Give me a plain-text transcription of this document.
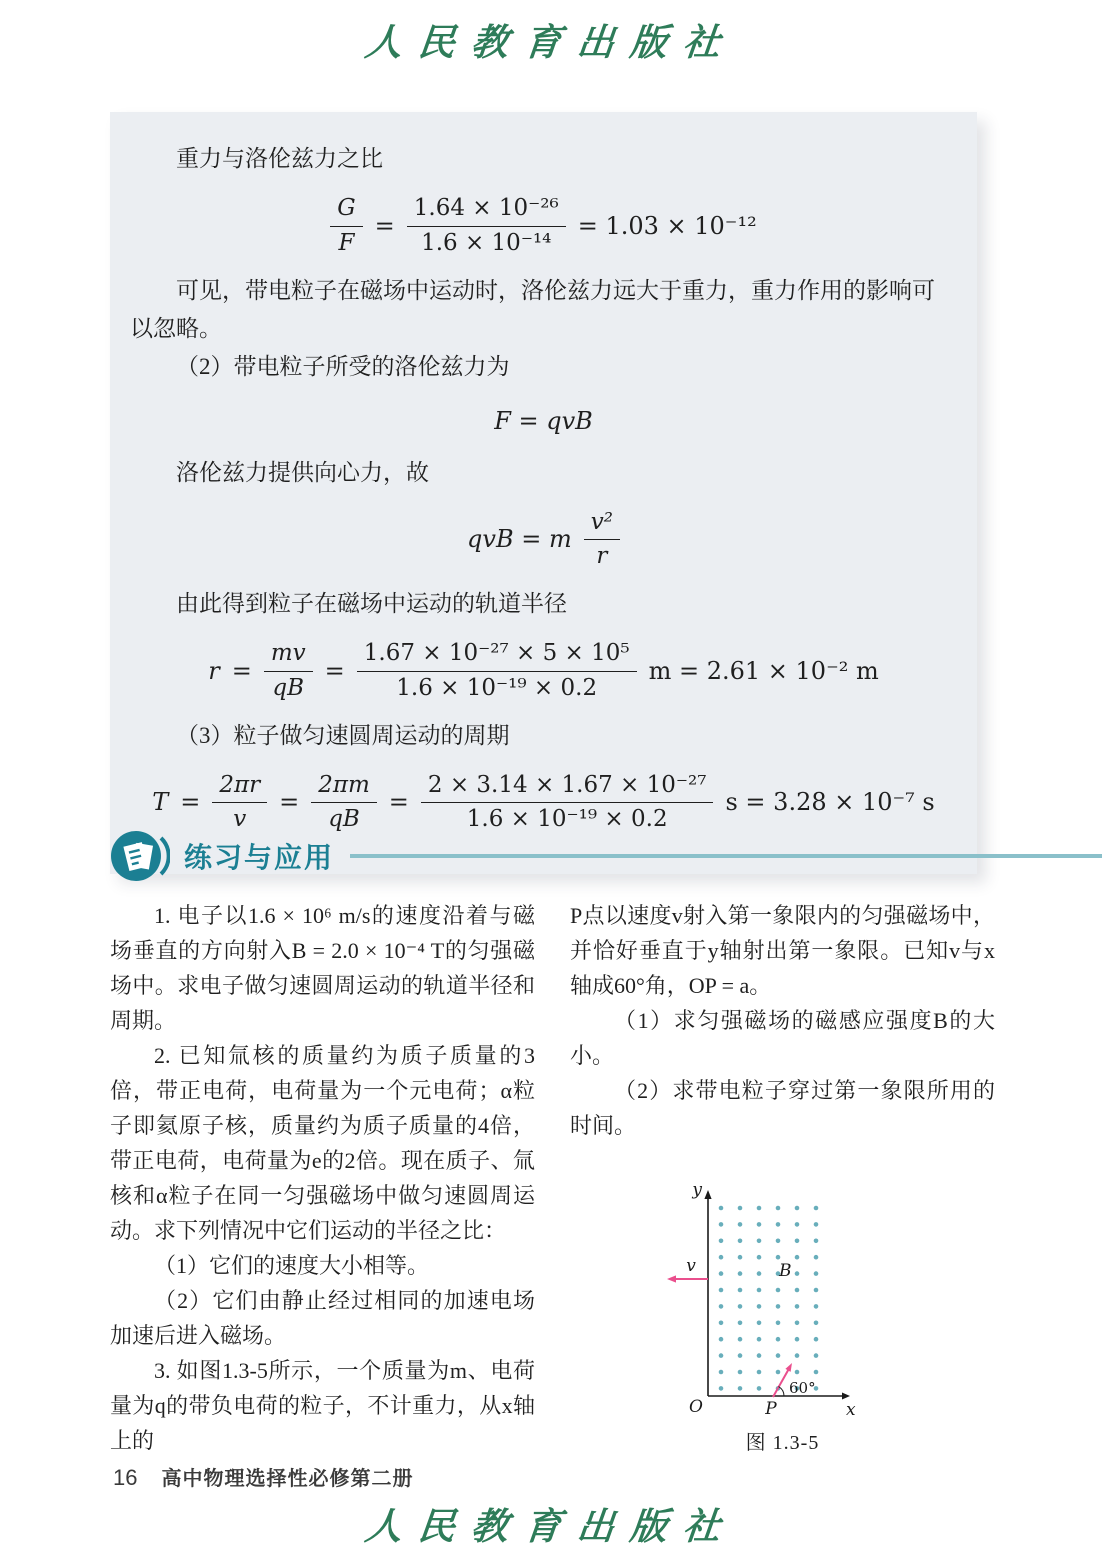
人民教育出版社

重力与洛伦兹力之比

$\frac{G}{F} = \frac{\text{1.64 × 10⁻²⁶}}{\text{1.6 × 10⁻¹⁴}} = 1.03 \times 10^{-12}$

可见，带电粒子在磁场中运动时，洛伦兹力远大于重力，重力作用的影响可以忽略。

（2）带电粒子所受的洛伦兹力为

F = qvB

洛伦兹力提供向心力，故

qvB = m $\frac{\text{v²}}{r}$

由此得到粒子在磁场中运动的轨道半径

$r = \frac{mv}{qB} = \frac{\text{1.67 × 10⁻²⁷ × 5 × 10⁵}}{\text{1.6 × 10⁻¹⁹ × 0.2}}$ m = 2.61 × 10⁻² m

（3）粒子做匀速圆周运动的周期

$T = \frac{2\pi r}{v} = \frac{2\pi m}{qB} = \frac{\text{2 × 3.14 × 1.67 × 10⁻²⁷}}{\text{1.6 × 10⁻¹⁹ × 0.2}}$ s = 3.28 × 10⁻⁷ s
练习与应用

1. 电子以1.6 × 10⁶ m/s的速度沿着与磁场垂直的方向射入B = 2.0 × 10⁻⁴ T的匀强磁场中。求电子做匀速圆周运动的轨道半径和周期。

2. 已知氚核的质量约为质子质量的3倍，带正电荷，电荷量为一个元电荷；α粒子即氦原子核，质量约为质子质量的4倍，带正电荷，电荷量为e的2倍。现在质子、氚核和α粒子在同一匀强磁场中做匀速圆周运动。求下列情况中它们运动的半径之比：

（1）它们的速度大小相等。

（2）它们由静止经过相同的加速电场加速后进入磁场。

3. 如图1.3-5所示，一个质量为m、电荷量为q的带负电荷的粒子，不计重力，从x轴上的

P点以速度v射入第一象限内的匀强磁场中，并恰好垂直于y轴射出第一象限。已知v与x轴成60°角，OP = a。

（1）求匀强磁场的磁感应强度B的大小。

（2）求带电粒子穿过第一象限所用的时间。

y
x
O	P
v	B
60°
图 1.3-5
16 高中物理选择性必修第二册
人民教育出版社
